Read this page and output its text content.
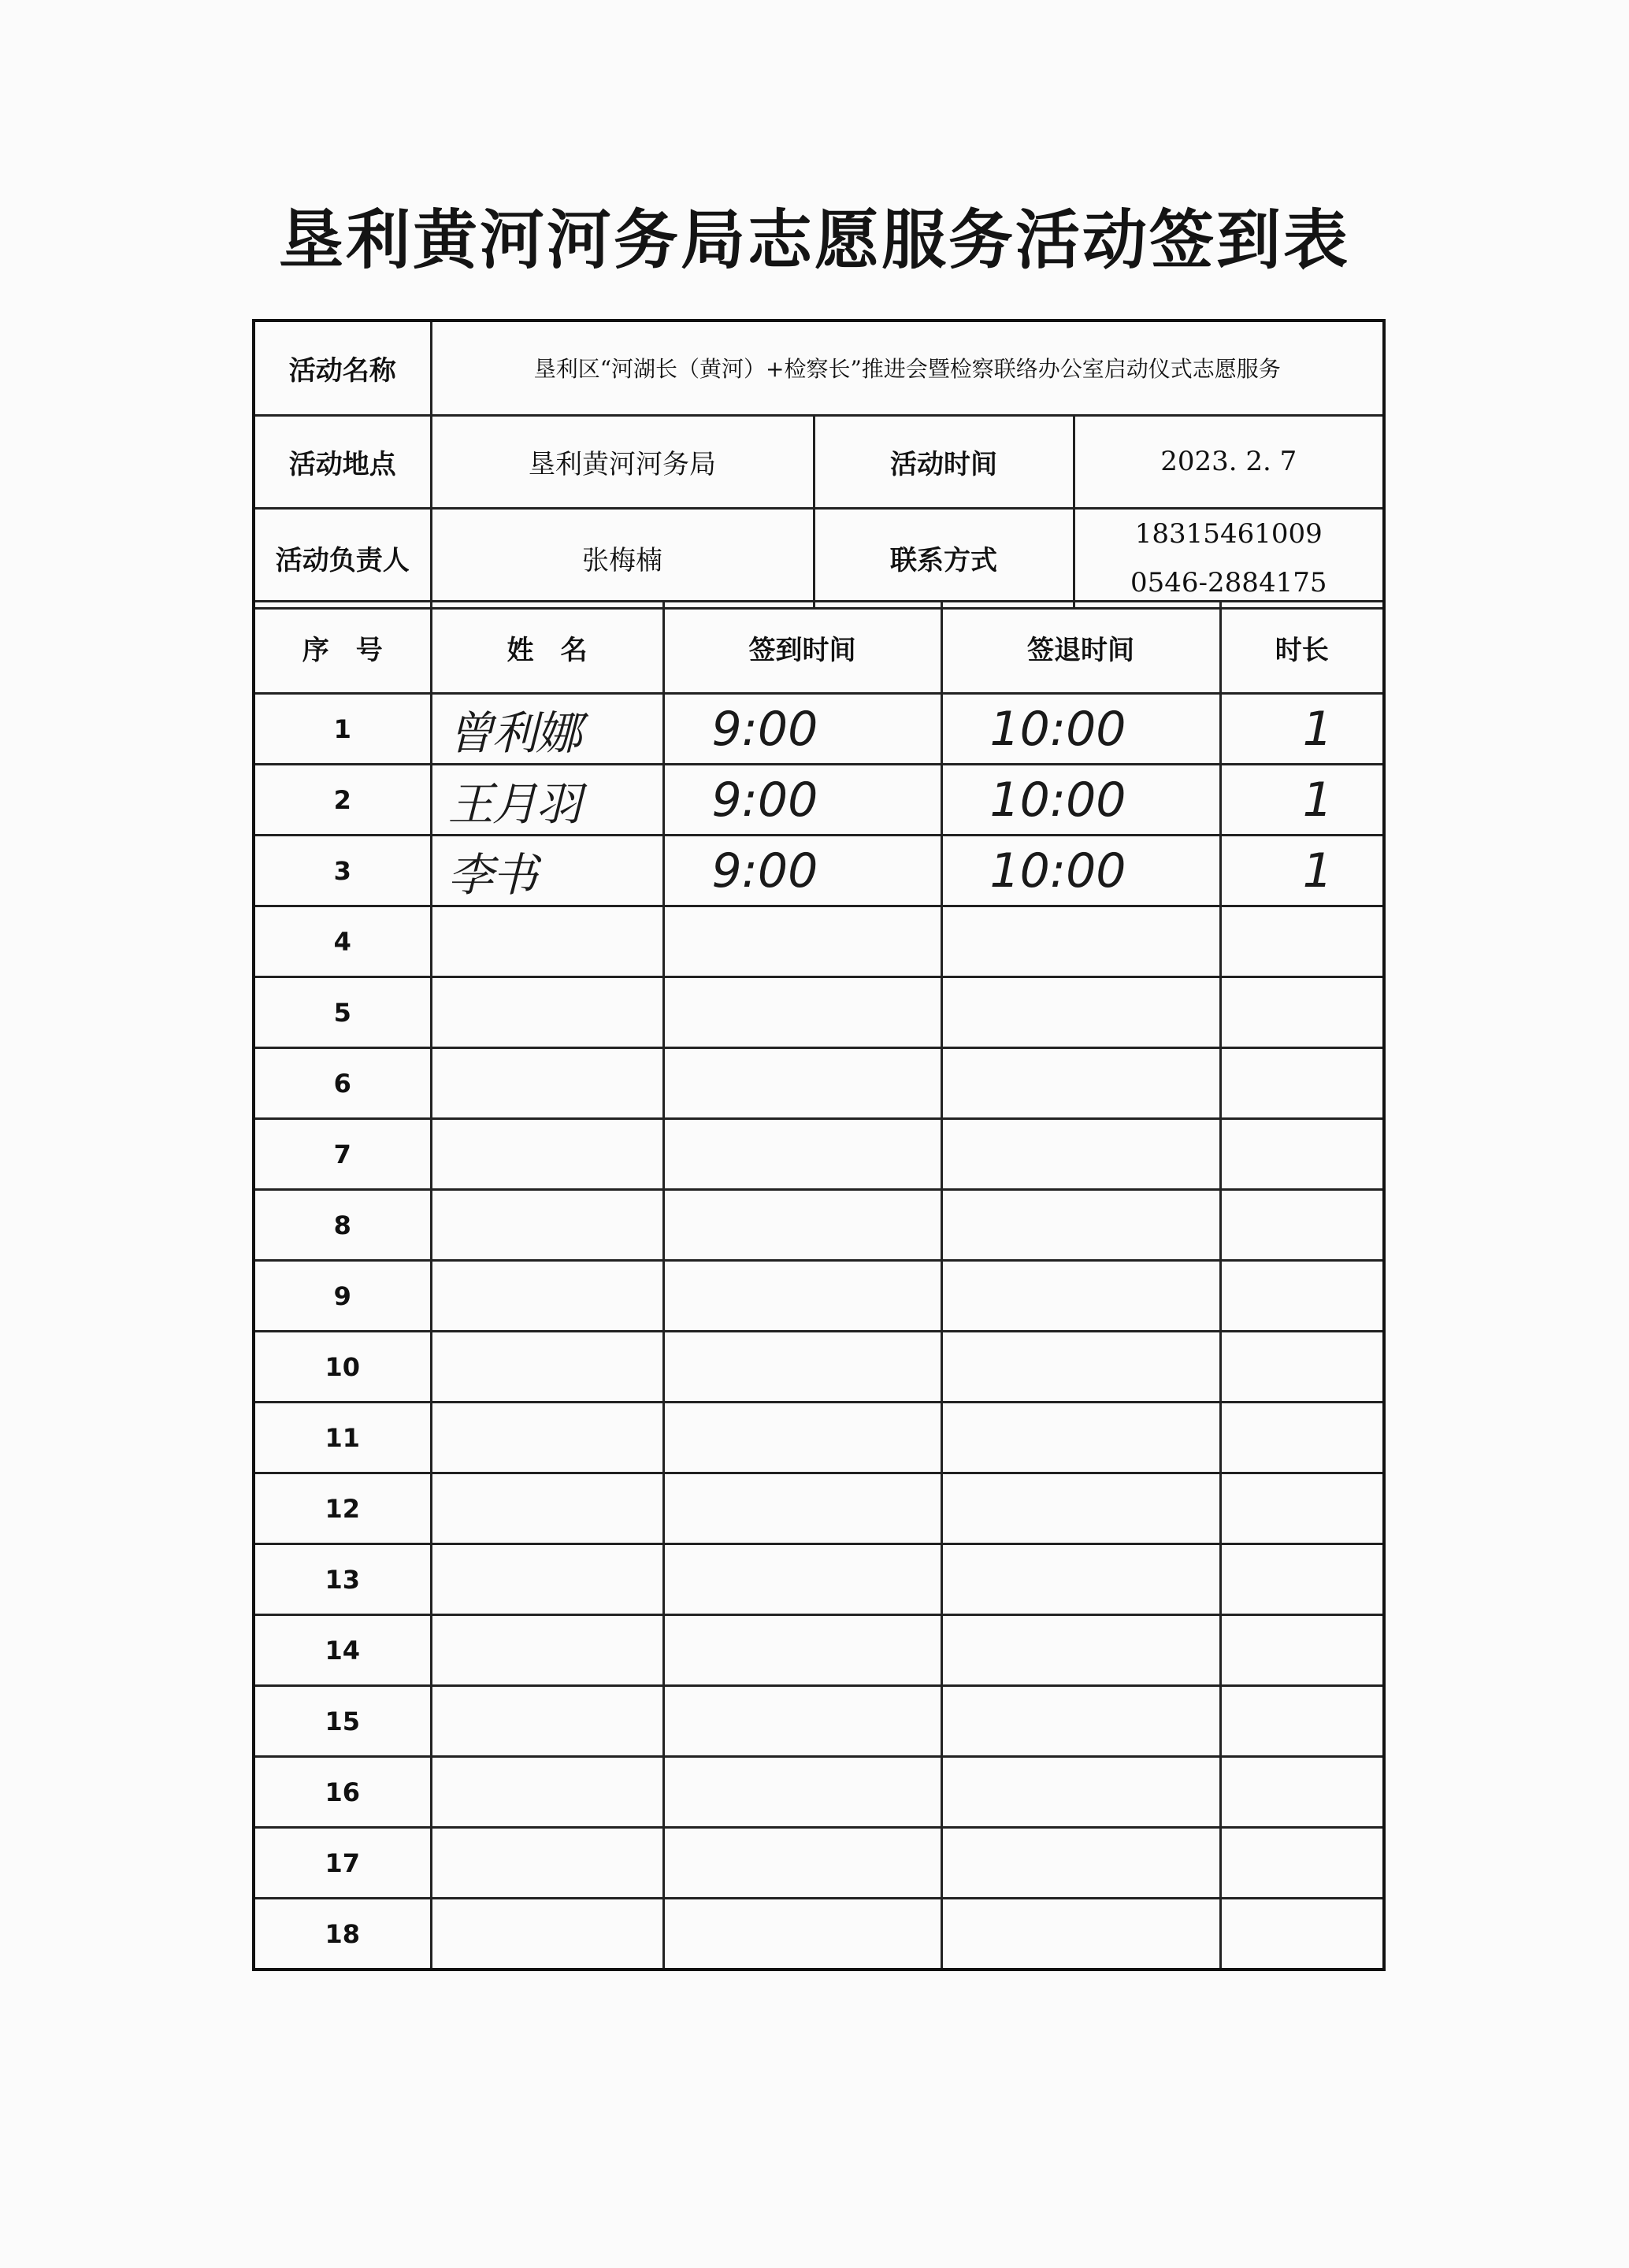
垦利黄河河务局志愿服务活动签到表
活动名称	垦利区“河湖长（黄河）+检察长”推进会暨检察联络办公室启动仪式志愿服务		
活动地点	垦利黄河河务局	活动时间	2023. 2. 7
活动负责人	张梅楠	联系方式	18315461009
0546-2884175
序　号	姓　名	签到时间	签退时间	时长
1	曾利娜	9:00	10:00	1
2	王月羽	9:00	10:00	1
3	李书	9:00	10:00	1
4				
5				
6				
7				
8				
9				
10				
11				
12				
13				
14				
15				
16				
17				
18				
